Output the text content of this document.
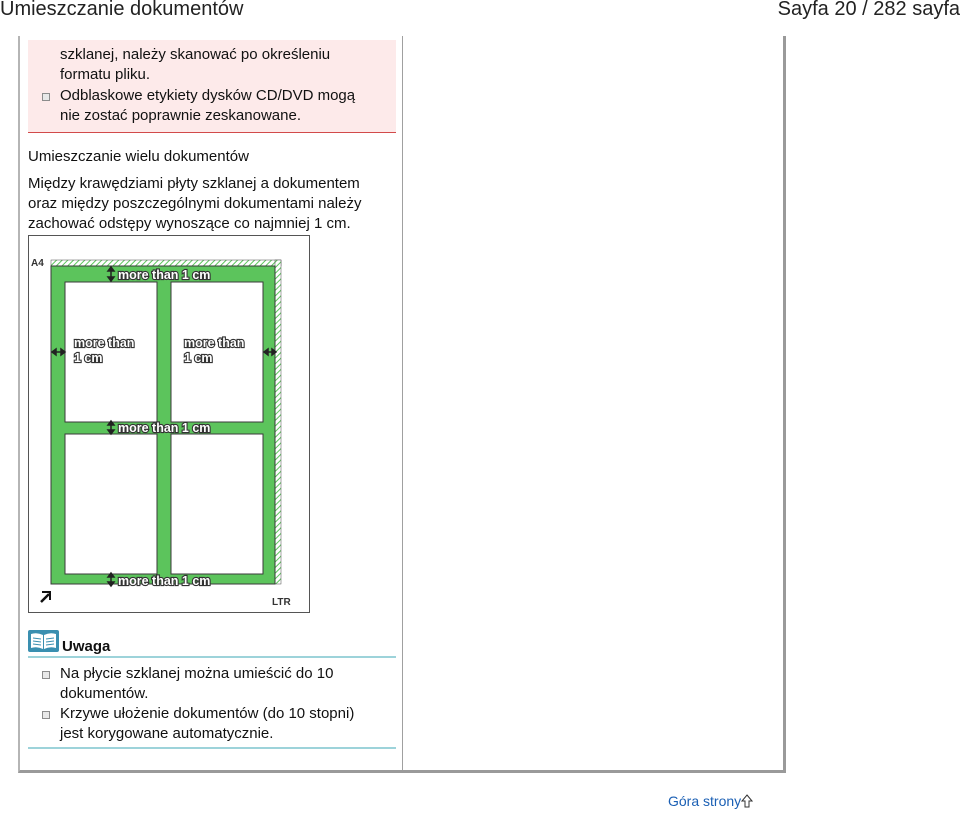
Umieszczanie dokumentów	Sayfa 20 / 282 sayfa
szklanej, należy skanować po określeniu
formatu pliku.
Odblaskowe etykiety dysków CD/DVD mogą
nie zostać poprawnie zeskanowane.
Umieszczanie wielu dokumentów
Między krawędziami płyty szklanej a dokumentem
oraz między poszczególnymi dokumentami należy
zachować odstępy wynoszące co najmniej 1 cm.
A4
more than 1 cm
more than
1 cm
more than
1 cm
more than 1 cm
more than 1 cm
LTR
Uwaga
Na płycie szklanej można umieścić do 10
dokumentów.
Krzywe ułożenie dokumentów (do 10 stopni)
jest korygowane automatycznie.
Góra strony
